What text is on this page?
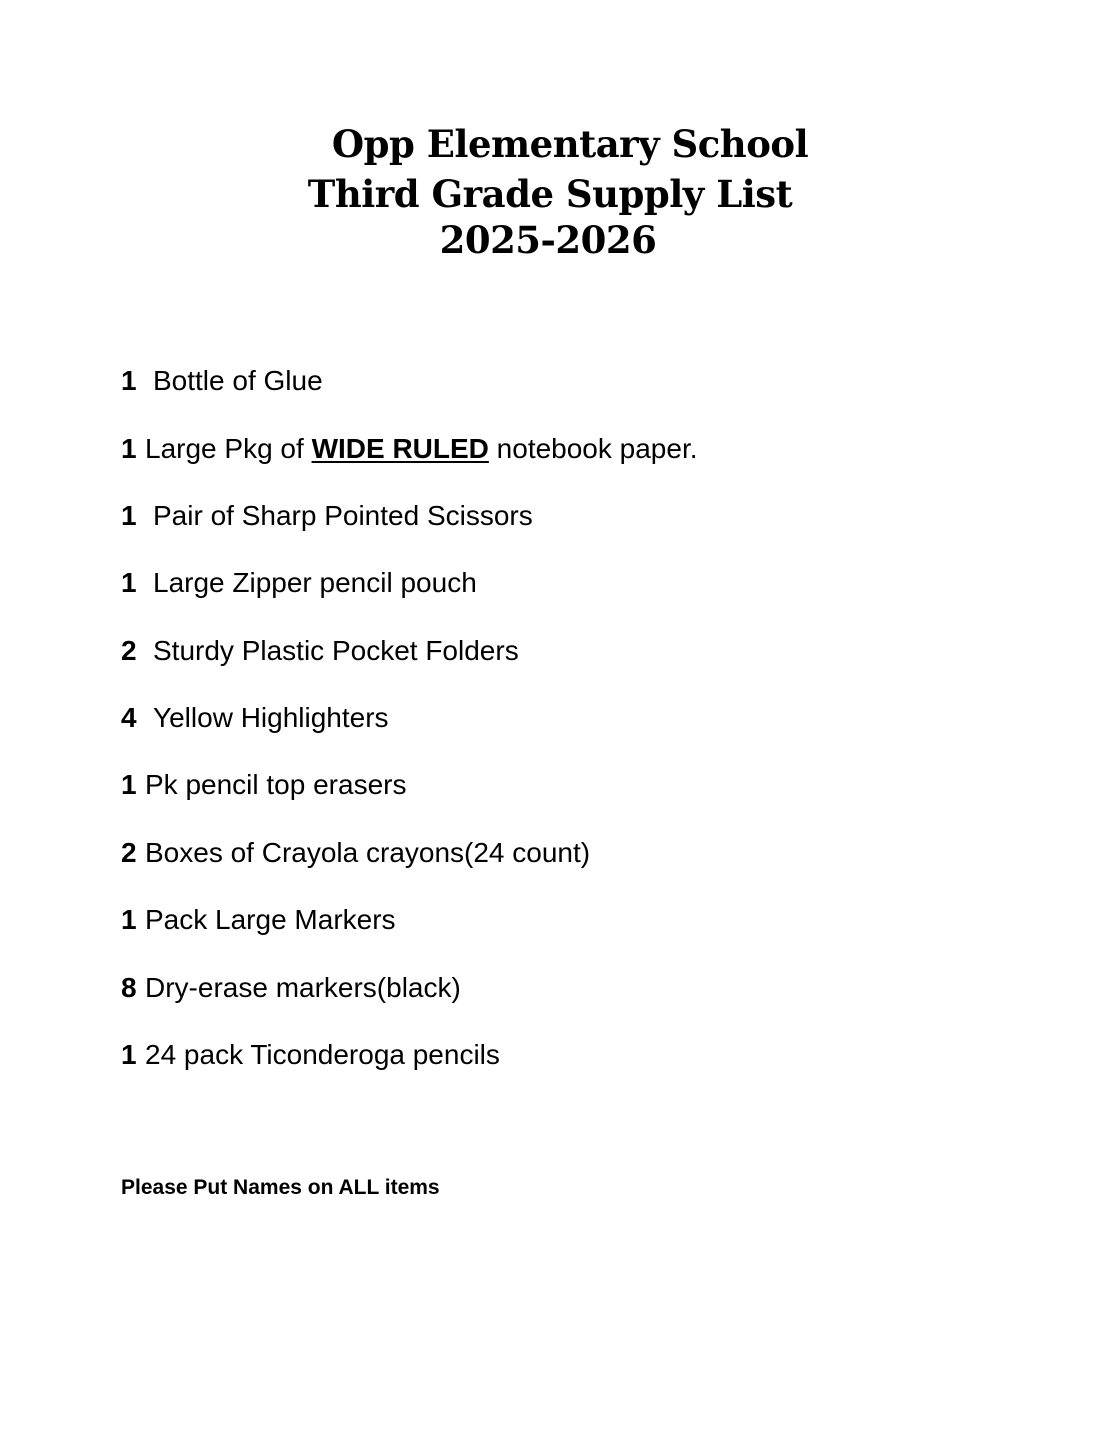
Opp Elementary School
Third Grade Supply List
2025-2026
1 Bottle of Glue
1 Large Pkg of WIDE RULED notebook paper.
1 Pair of Sharp Pointed Scissors
1 Large Zipper pencil pouch
2 Sturdy Plastic Pocket Folders
4 Yellow Highlighters
1 Pk pencil top erasers
2 Boxes of Crayola crayons(24 count)
1 Pack Large Markers
8 Dry-erase markers(black)
1 24 pack Ticonderoga pencils
Please Put Names on ALL items
